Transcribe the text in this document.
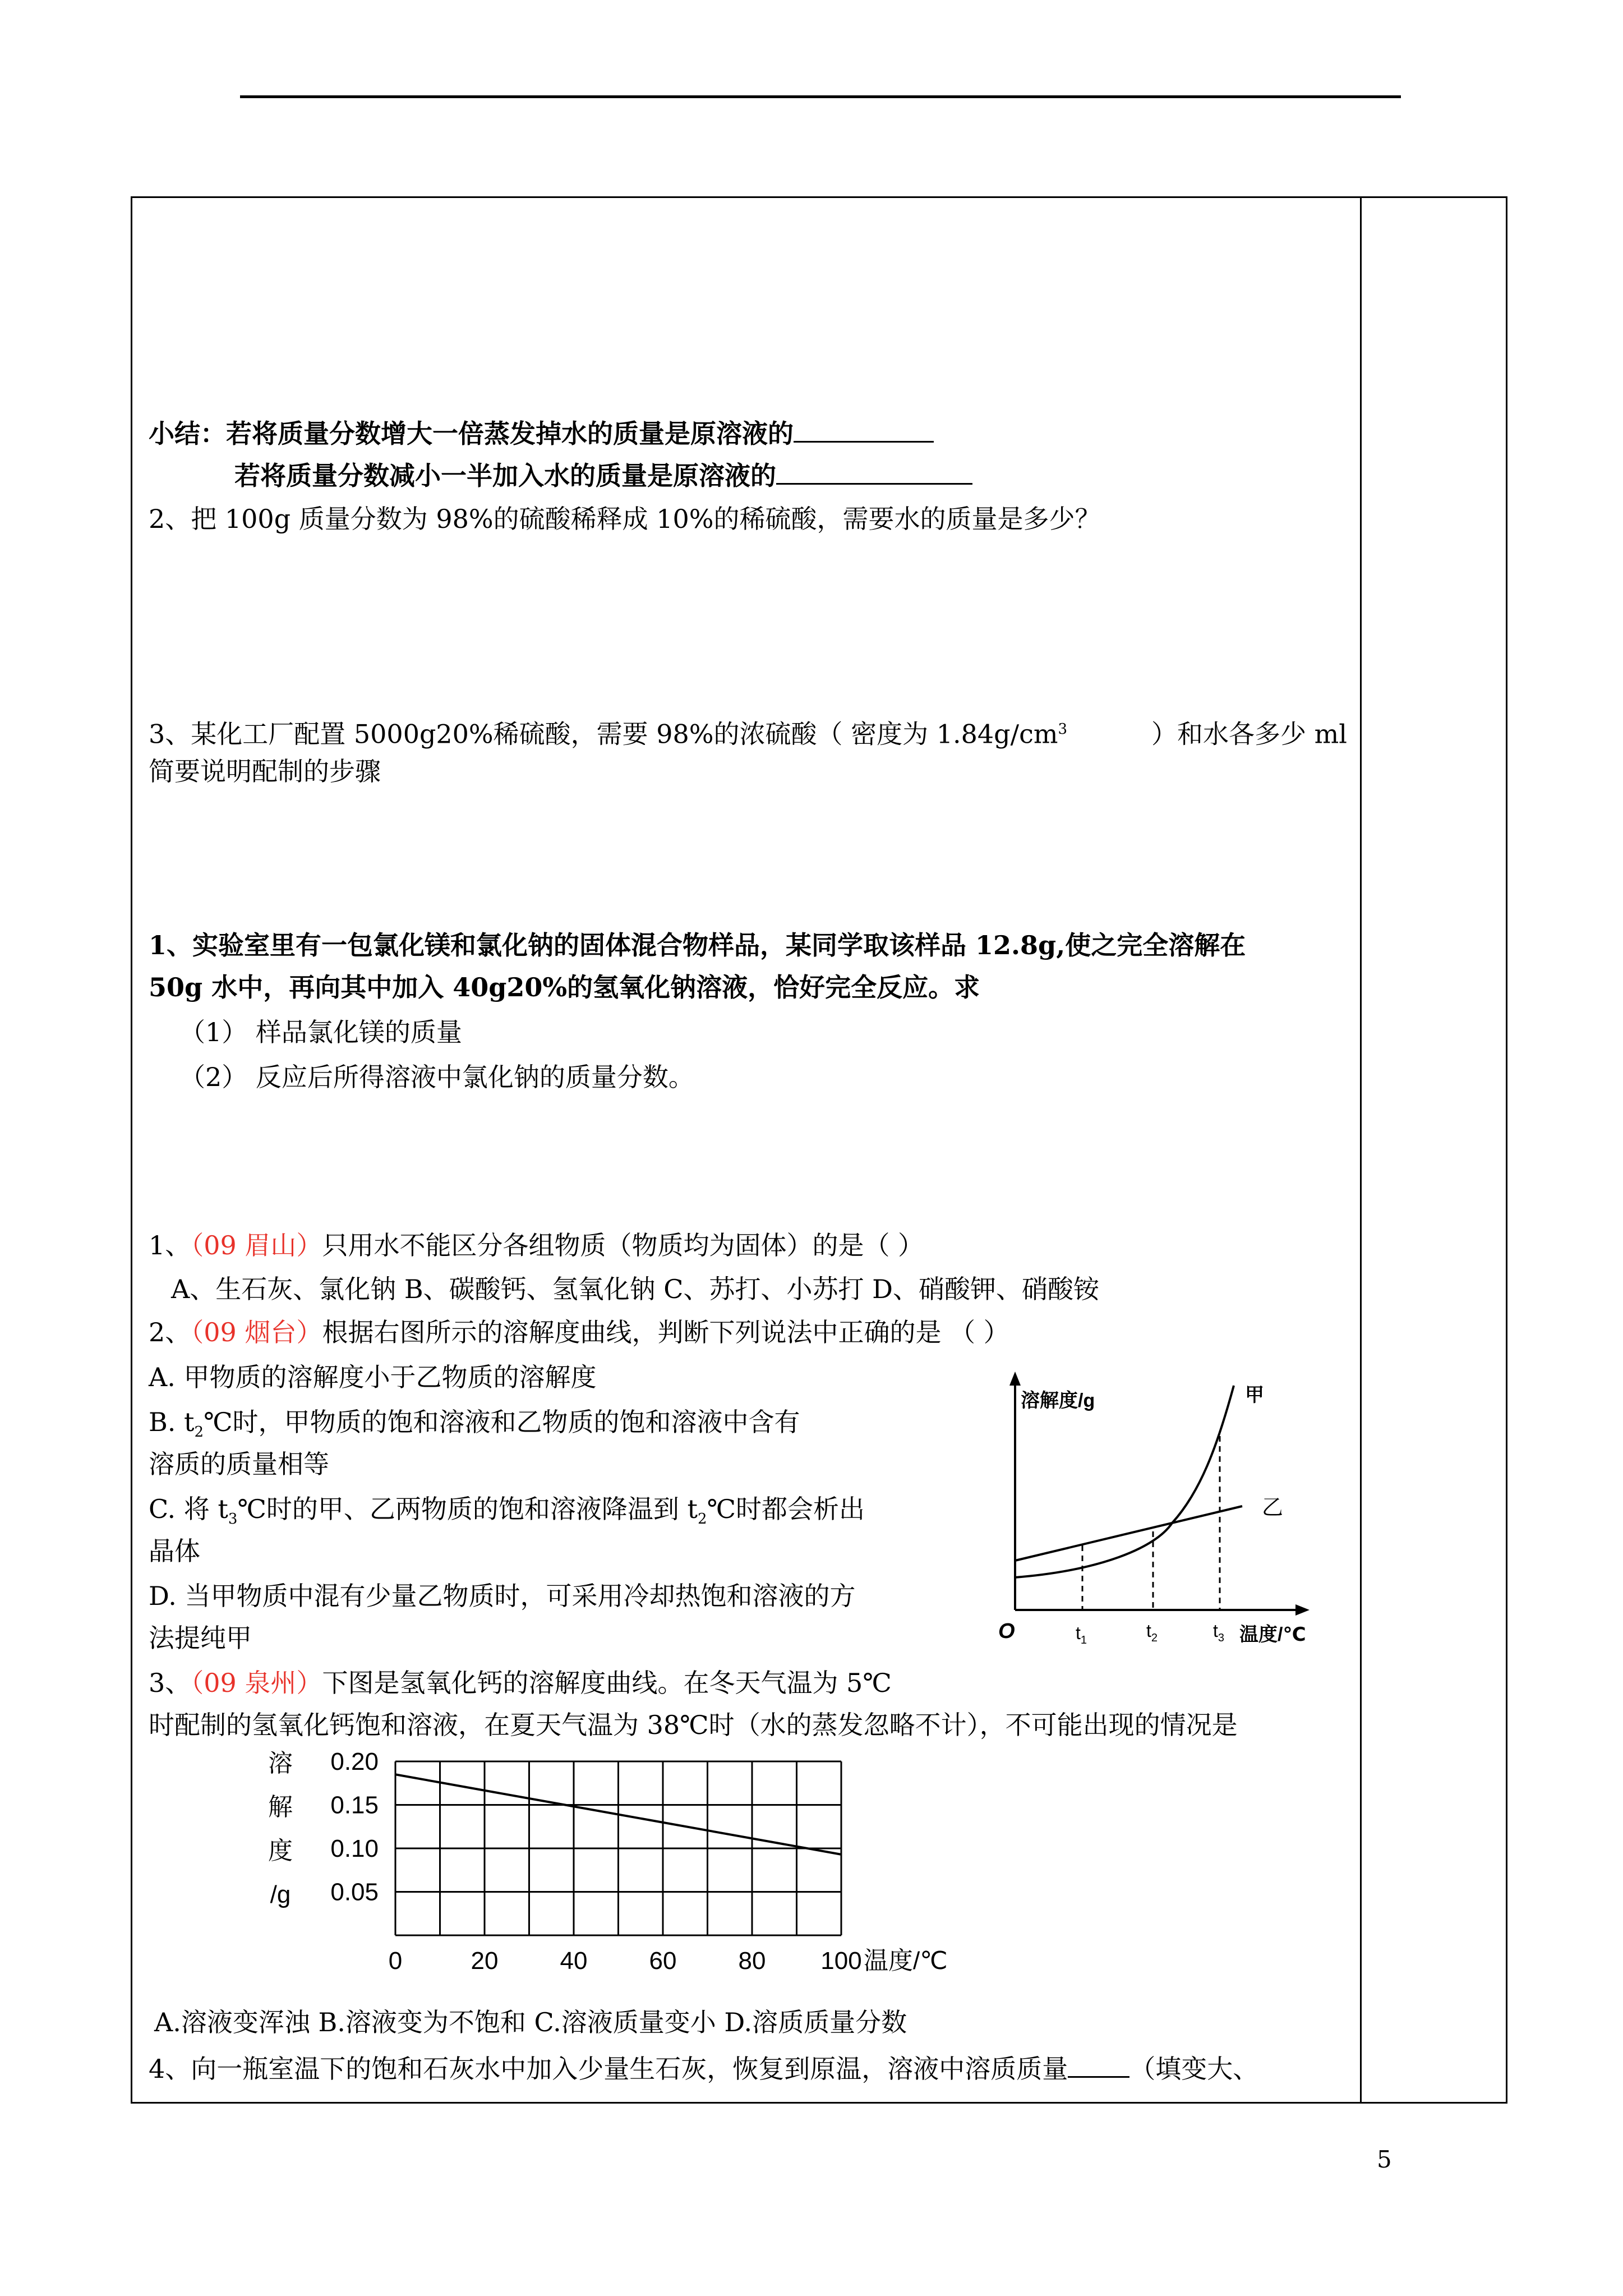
小结：若将质量分数增大一倍蒸发掉水的质量是原溶液的
若将质量分数减小一半加入水的质量是原溶液的
2、把 100g 质量分数为 98%的硫酸稀释成 10%的稀硫酸，需要水的质量是多少？
3、某化工厂配置 5000g20%稀硫酸，需要 98%的浓硫酸（ 密度为 $1.84g/cm^3$	）和水各多少 ml
简要说明配制的步骤
1、实验室里有一包氯化镁和氯化钠的固体混合物样品，某同学取该样品 12.8g,使之完全溶解在
50g 水中，再向其中加入 40g20%的氢氧化钠溶液，恰好完全反应。求
（1） 样品氯化镁的质量
（2） 反应后所得溶液中氯化钠的质量分数。
1、（09 眉山）只用水不能区分各组物质（物质均为固体）的是（ ）
A、生石灰、氯化钠 B、碳酸钙、氢氧化钠 C、苏打、小苏打 D、硝酸钾、硝酸铵
2、（09 烟台）根据右图所示的溶解度曲线，判断下列说法中正确的是 （ ）
A. 甲物质的溶解度小于乙物质的溶解度
B. $t_2℃$时，甲物质的饱和溶液和乙物质的饱和溶液中含有
溶质的质量相等
C. 将 $t_3℃$时的甲、乙两物质的饱和溶液降温到 $t_2℃$时都会析出
晶体
D. 当甲物质中混有少量乙物质时，可采用冷却热饱和溶液的方
法提纯甲
溶解度/g
O	温度/℃
甲
乙
$t_1$	$t_2$	$t_3$
3、（09 泉州）下图是氢氧化钙的溶解度曲线。在冬天气温为 5℃
时配制的氢氧化钙饱和溶液，在夏天气温为 38℃时（水的蒸发忽略不计），不可能出现的情况是
0.05
0.10
0.15
0.20
0	20	40	60	80 100
溶
解
度
/g
温度/℃
A.溶液变浑浊 B.溶液变为不饱和 C.溶液质量变小 D.溶质质量分数
4、向一瓶室温下的饱和石灰水中加入少量生石灰，恢复到原温，溶液中溶质质量 （填变大、
5
